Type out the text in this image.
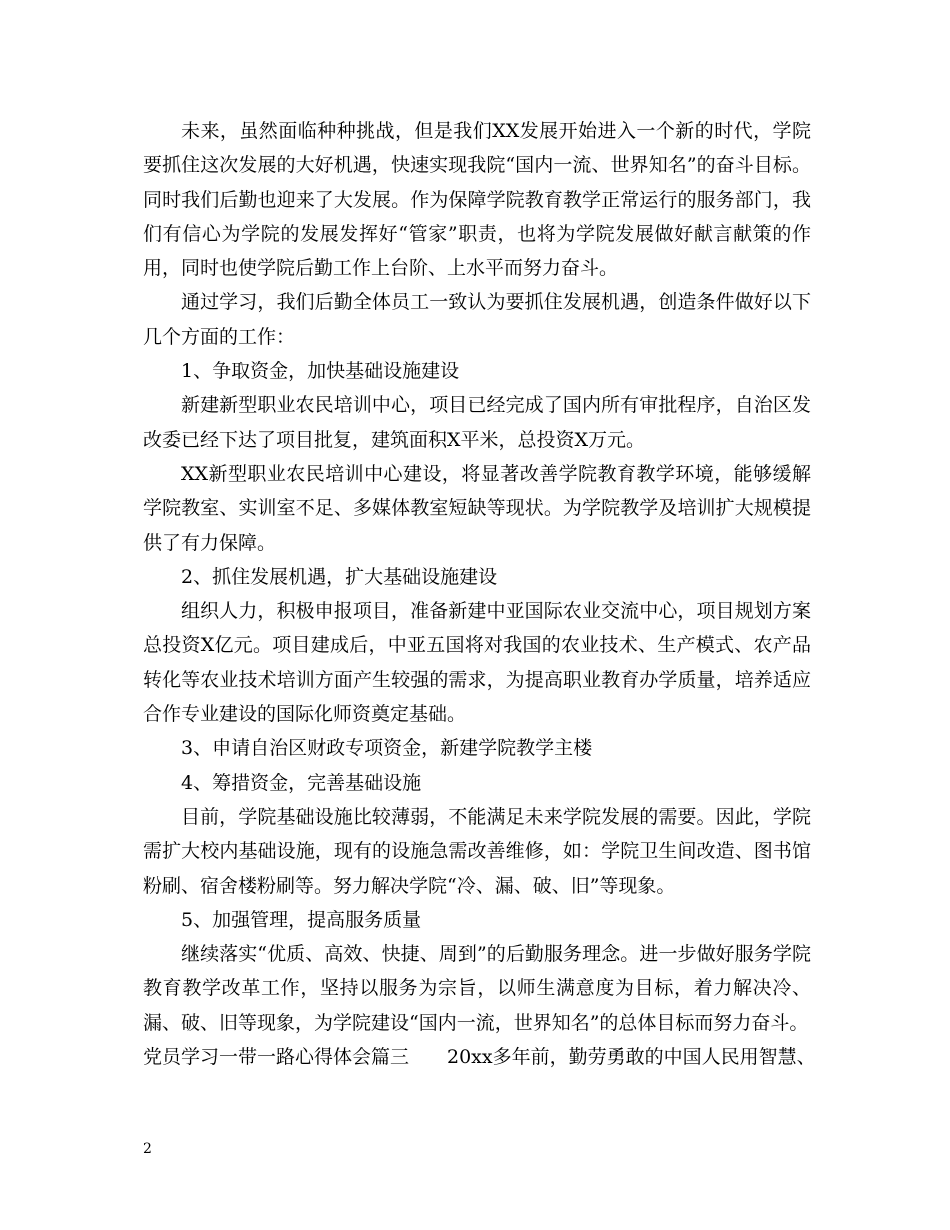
未来，虽然面临种种挑战，但是我们XX发展开始进入一个新的时代，学院要抓住这次发展的大好机遇，快速实现我院“国内一流、世界知名”的奋斗目标。同时我们后勤也迎来了大发展。作为保障学院教育教学正常运行的服务部门，我们有信心为学院的发展发挥好“管家”职责，也将为学院发展做好献言献策的作用，同时也使学院后勤工作上台阶、上水平而努力奋斗。

通过学习，我们后勤全体员工一致认为要抓住发展机遇，创造条件做好以下几个方面的工作：

1、争取资金，加快基础设施建设

新建新型职业农民培训中心，项目已经完成了国内所有审批程序，自治区发改委已经下达了项目批复，建筑面积X平米，总投资X万元。

XX新型职业农民培训中心建设，将显著改善学院教育教学环境，能够缓解学院教室、实训室不足、多媒体教室短缺等现状。为学院教学及培训扩大规模提供了有力保障。

2、抓住发展机遇，扩大基础设施建设

组织人力，积极申报项目，准备新建中亚国际农业交流中心，项目规划方案总投资X亿元。项目建成后，中亚五国将对我国的农业技术、生产模式、农产品转化等农业技术培训方面产生较强的需求，为提高职业教育办学质量，培养适应合作专业建设的国际化师资奠定基础。

3、申请自治区财政专项资金，新建学院教学主楼

4、筹措资金，完善基础设施

目前，学院基础设施比较薄弱，不能满足未来学院发展的需要。因此，学院需扩大校内基础设施，现有的设施急需改善维修，如：学院卫生间改造、图书馆粉刷、宿舍楼粉刷等。努力解决学院“冷、漏、破、旧”等现象。

5、加强管理，提高服务质量

继续落实“优质、高效、快捷、周到”的后勤服务理念。进一步做好服务学院教育教学改革工作，坚持以服务为宗旨，以师生满意度为目标，着力解决冷、漏、破、旧等现象，为学院建设“国内一流，世界知名”的总体目标而努力奋斗。

党员学习一带一路心得体会篇三　　20xx多年前，勤劳勇敢的中国人民用智慧、

2
